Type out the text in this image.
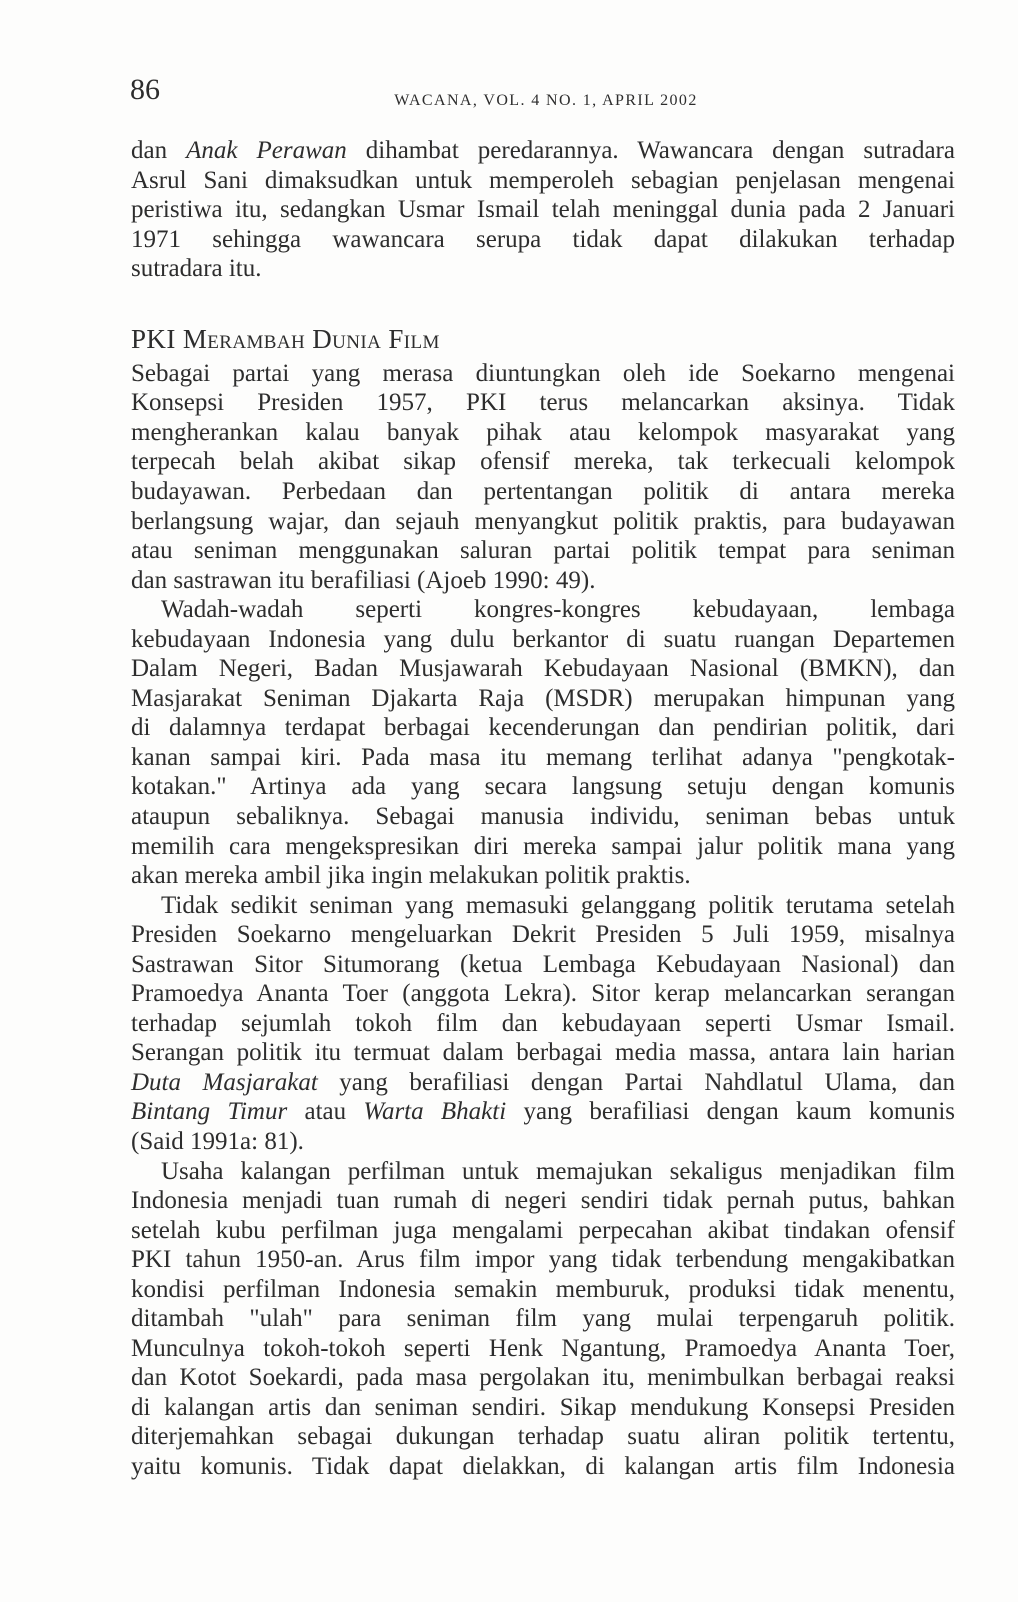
86	WACANA, VOL. 4 NO. 1, APRIL 2002
dan Anak Perawan dihambat peredarannya. Wawancara dengan sutradara
Asrul Sani dimaksudkan untuk memperoleh sebagian penjelasan mengenai
peristiwa itu, sedangkan Usmar Ismail telah meninggal dunia pada 2 Januari
1971 sehingga wawancara serupa tidak dapat dilakukan terhadap
sutradara itu.
PKI Merambah Dunia Film
Sebagai partai yang merasa diuntungkan oleh ide Soekarno mengenai
Konsepsi Presiden 1957, PKI terus melancarkan aksinya. Tidak
mengherankan kalau banyak pihak atau kelompok masyarakat yang
terpecah belah akibat sikap ofensif mereka, tak terkecuali kelompok
budayawan. Perbedaan dan pertentangan politik di antara mereka
berlangsung wajar, dan sejauh menyangkut politik praktis, para budayawan
atau seniman menggunakan saluran partai politik tempat para seniman
dan sastrawan itu berafiliasi (Ajoeb 1990: 49).
Wadah-wadah seperti kongres-kongres kebudayaan, lembaga
kebudayaan Indonesia yang dulu berkantor di suatu ruangan Departemen
Dalam Negeri, Badan Musjawarah Kebudayaan Nasional (BMKN), dan
Masjarakat Seniman Djakarta Raja (MSDR) merupakan himpunan yang
di dalamnya terdapat berbagai kecenderungan dan pendirian politik, dari
kanan sampai kiri. Pada masa itu memang terlihat adanya "pengkotak-
kotakan." Artinya ada yang secara langsung setuju dengan komunis
ataupun sebaliknya. Sebagai manusia individu, seniman bebas untuk
memilih cara mengekspresikan diri mereka sampai jalur politik mana yang
akan mereka ambil jika ingin melakukan politik praktis.
Tidak sedikit seniman yang memasuki gelanggang politik terutama setelah
Presiden Soekarno mengeluarkan Dekrit Presiden 5 Juli 1959, misalnya
Sastrawan Sitor Situmorang (ketua Lembaga Kebudayaan Nasional) dan
Pramoedya Ananta Toer (anggota Lekra). Sitor kerap melancarkan serangan
terhadap sejumlah tokoh film dan kebudayaan seperti Usmar Ismail.
Serangan politik itu termuat dalam berbagai media massa, antara lain harian
Duta Masjarakat yang berafiliasi dengan Partai Nahdlatul Ulama, dan
Bintang Timur atau Warta Bhakti yang berafiliasi dengan kaum komunis
(Said 1991a: 81).
Usaha kalangan perfilman untuk memajukan sekaligus menjadikan film
Indonesia menjadi tuan rumah di negeri sendiri tidak pernah putus, bahkan
setelah kubu perfilman juga mengalami perpecahan akibat tindakan ofensif
PKI tahun 1950-an. Arus film impor yang tidak terbendung mengakibatkan
kondisi perfilman Indonesia semakin memburuk, produksi tidak menentu,
ditambah "ulah" para seniman film yang mulai terpengaruh politik.
Munculnya tokoh-tokoh seperti Henk Ngantung, Pramoedya Ananta Toer,
dan Kotot Soekardi, pada masa pergolakan itu, menimbulkan berbagai reaksi
di kalangan artis dan seniman sendiri. Sikap mendukung Konsepsi Presiden
diterjemahkan sebagai dukungan terhadap suatu aliran politik tertentu,
yaitu komunis. Tidak dapat dielakkan, di kalangan artis film Indonesia
